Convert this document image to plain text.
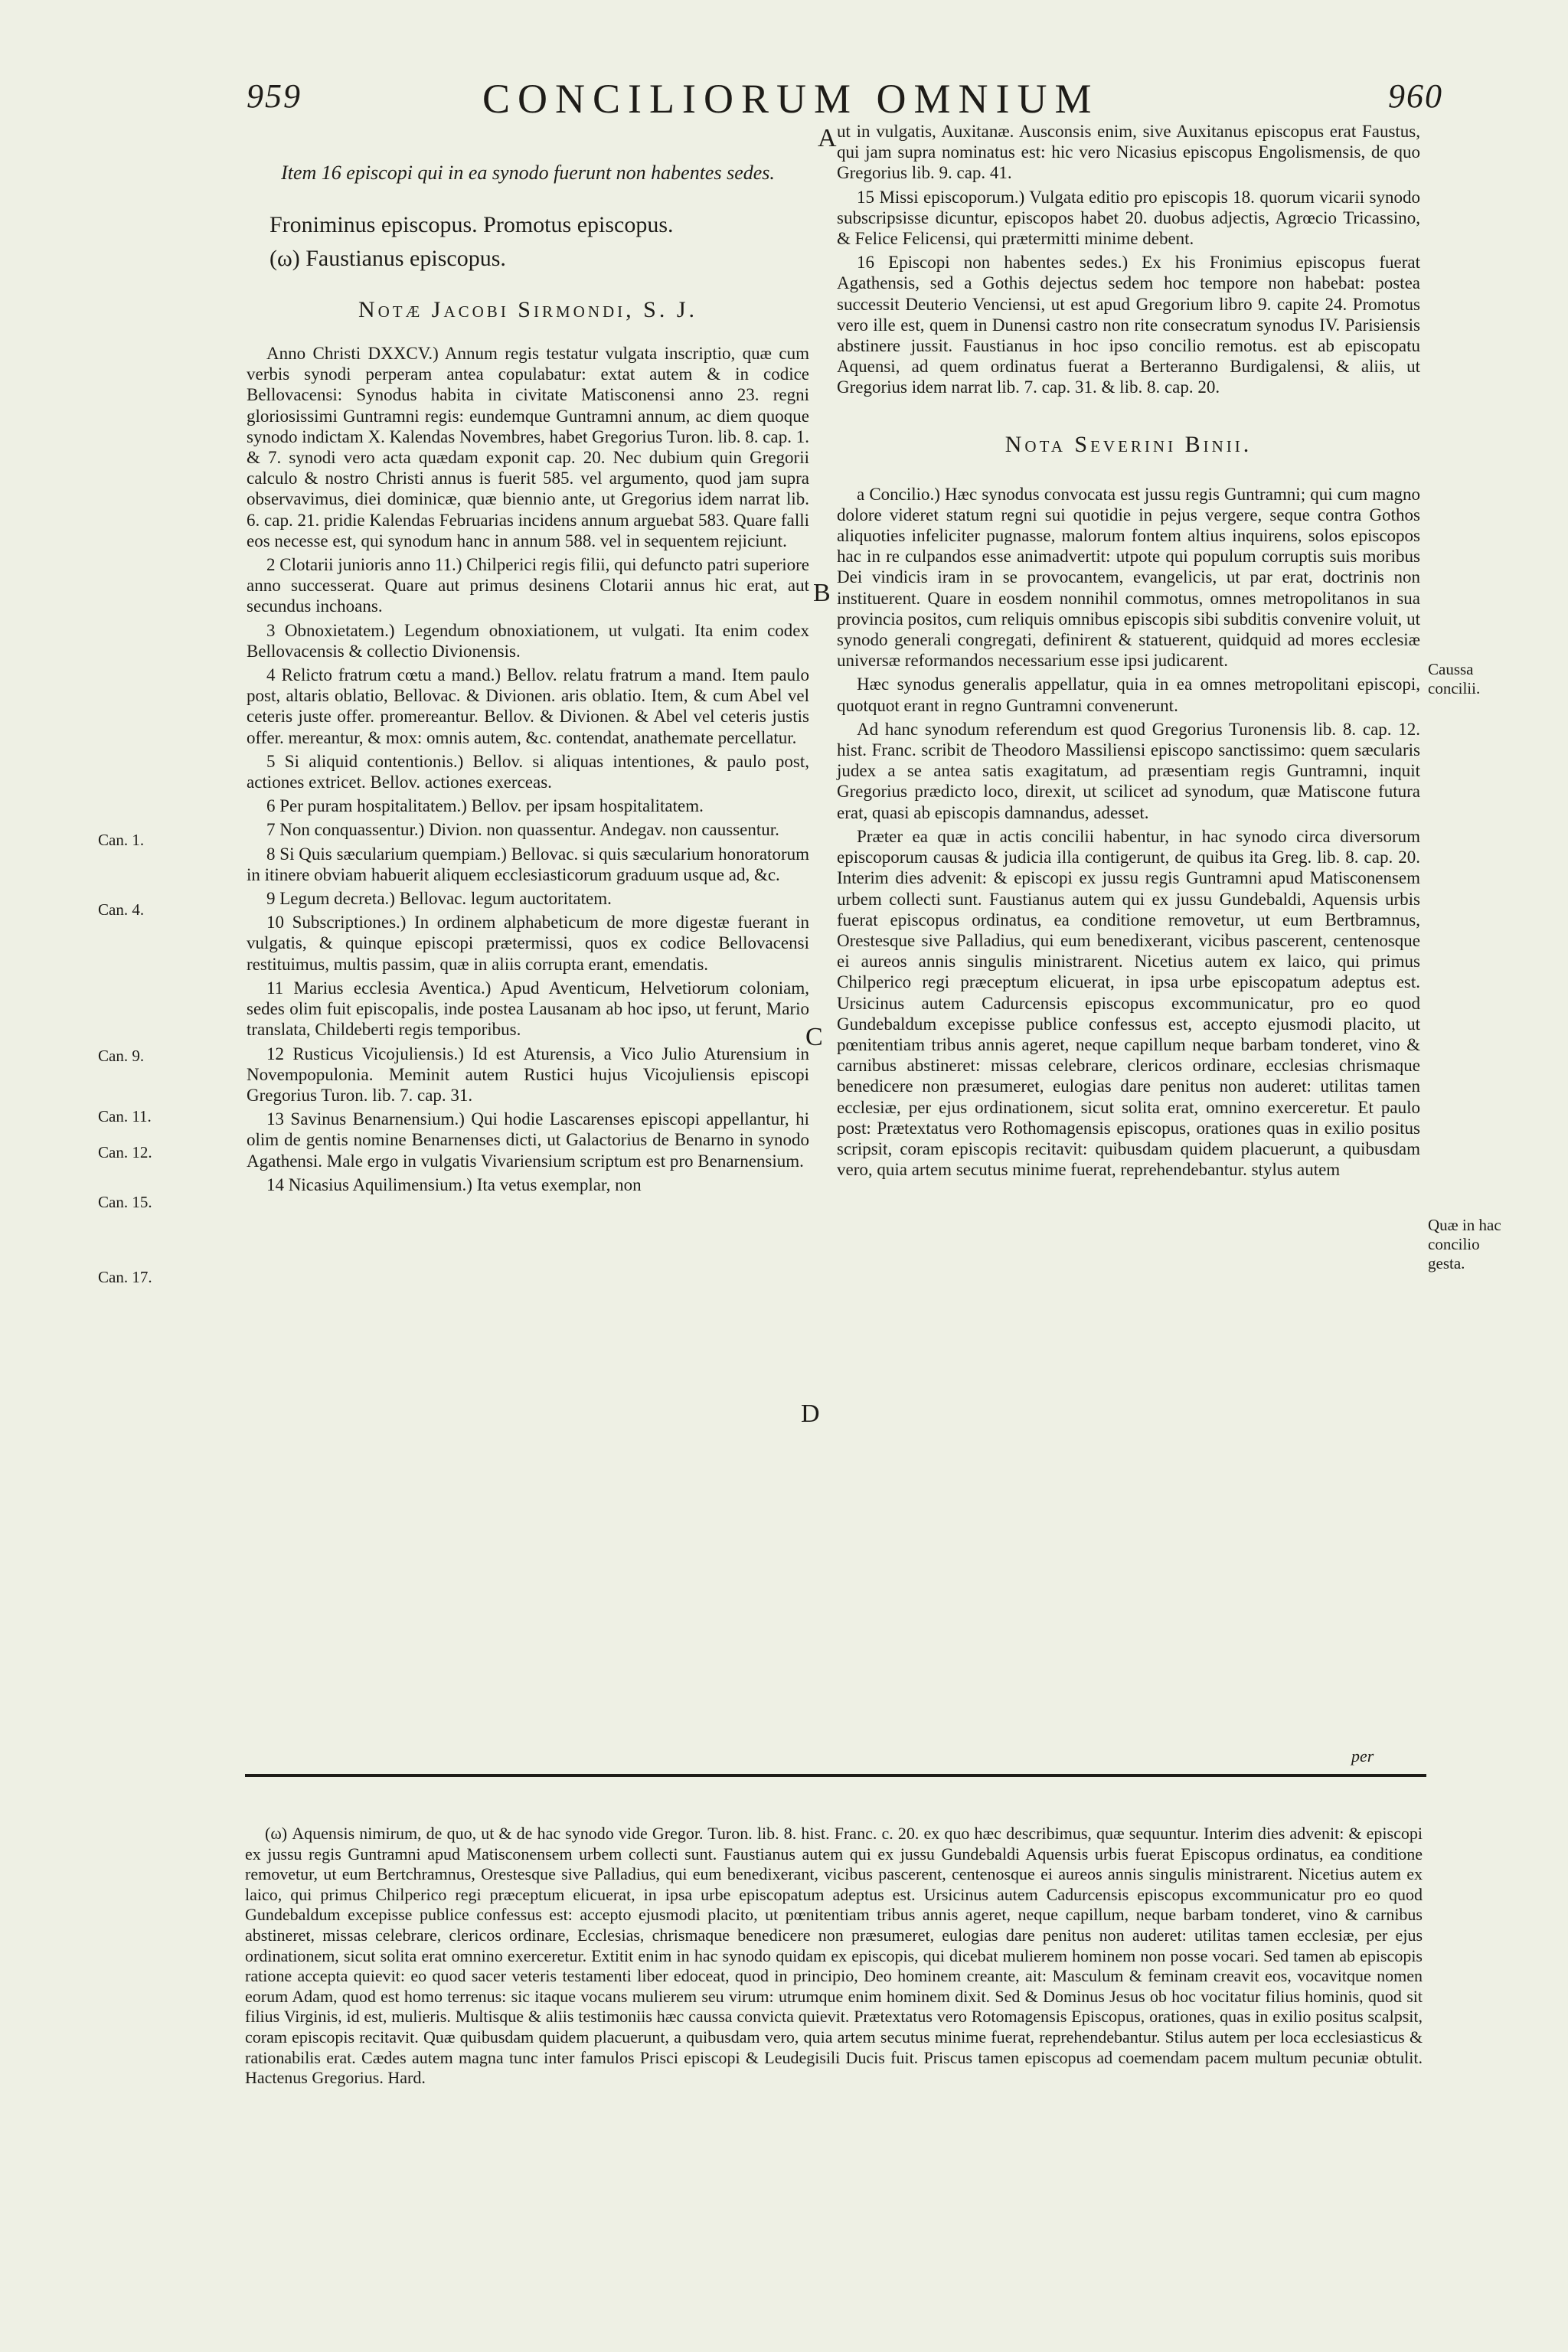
959	CONCILIORUM OMNIUM	960
Item 16 episcopi qui in ea synodo fuerunt non habentes sedes.
Froniminus episcopus. Promotus episcopus.
(ω) Faustianus episcopus.
Notæ Jacobi Sirmondi, S. J.

Anno Christi DXXCV.) Annum regis testatur vulgata inscriptio, quæ cum verbis synodi perperam antea copulabatur: extat autem & in codice Bellovacensi: Synodus habita in civitate Matisconensi anno 23. regni gloriosissimi Guntramni regis: eundemque Guntramni annum, ac diem quoque synodo indictam X. Kalendas Novembres, habet Gregorius Turon. lib. 8. cap. 1. & 7. synodi vero acta quædam exponit cap. 20. Nec dubium quin Gregorii calculo & nostro Christi annus is fuerit 585. vel argumento, quod jam supra observavimus, diei dominicæ, quæ biennio ante, ut Gregorius idem narrat lib. 6. cap. 21. pridie Kalendas Februarias incidens annum arguebat 583. Quare falli eos necesse est, qui synodum hanc in annum 588. vel in sequentem rejiciunt.

2 Clotarii junioris anno 11.) Chilperici regis filii, qui defuncto patri superiore anno successerat. Quare aut primus desinens Clotarii annus hic erat, aut secundus inchoans.

3 Obnoxietatem.) Legendum obnoxiationem, ut vulgati. Ita enim codex Bellovacensis & collectio Divionensis.

4 Relicto fratrum cœtu a mand.) Bellov. relatu fratrum a mand. Item paulo post, altaris oblatio, Bellovac. & Divionen. aris oblatio. Item, & cum Abel vel ceteris juste offer. promereantur. Bellov. & Divionen. & Abel vel ceteris justis offer. mereantur, & mox: omnis autem, &c. contendat, anathemate percellatur.

5 Si aliquid contentionis.) Bellov. si aliquas intentiones, & paulo post, actiones extricet. Bellov. actiones exerceas.

6 Per puram hospitalitatem.) Bellov. per ipsam hospitalitatem.

7 Non conquassentur.) Divion. non quassentur. Andegav. non caussentur.

8 Si Quis sæcularium quempiam.) Bellovac. si quis sæcularium honoratorum in itinere obviam habuerit aliquem ecclesiasticorum graduum usque ad, &c.

9 Legum decreta.) Bellovac. legum auctoritatem.

10 Subscriptiones.) In ordinem alphabeticum de more digestæ fuerant in vulgatis, & quinque episcopi prætermissi, quos ex codice Bellovacensi restituimus, multis passim, quæ in aliis corrupta erant, emendatis.

11 Marius ecclesia Aventica.) Apud Aventicum, Helvetiorum coloniam, sedes olim fuit episcopalis, inde postea Lausanam ab hoc ipso, ut ferunt, Mario translata, Childeberti regis temporibus.

12 Rusticus Vicojuliensis.) Id est Aturensis, a Vico Julio Aturensium in Novempopulonia. Meminit autem Rustici hujus Vicojuliensis episcopi Gregorius Turon. lib. 7. cap. 31.

13 Savinus Benarnensium.) Qui hodie Lascarenses episcopi appellantur, hi olim de gentis nomine Benarnenses dicti, ut Galactorius de Benarno in synodo Agathensi. Male ergo in vulgatis Vivariensium scriptum est pro Benarnensium.

14 Nicasius Aquilimensium.) Ita vetus exemplar, non

Can. 1.
Can. 4.
Can. 9.
Can. 11.
Can. 12.
Can. 15.
Can. 17.
A
B
C
D

ut in vulgatis, Auxitanæ. Ausconsis enim, sive Auxitanus episcopus erat Faustus, qui jam supra nominatus est: hic vero Nicasius episcopus Engolismensis, de quo Gregorius lib. 9. cap. 41.

15 Missi episcoporum.) Vulgata editio pro episcopis 18. quorum vicarii synodo subscripsisse dicuntur, episcopos habet 20. duobus adjectis, Agrœcio Tricassino, & Felice Felicensi, qui prætermitti minime debent.

16 Episcopi non habentes sedes.) Ex his Fronimius episcopus fuerat Agathensis, sed a Gothis dejectus sedem hoc tempore non habebat: postea successit Deuterio Venciensi, ut est apud Gregorium libro 9. capite 24. Promotus vero ille est, quem in Dunensi castro non rite consecratum synodus IV. Parisiensis abstinere jussit. Faustianus in hoc ipso concilio remotus. est ab episcopatu Aquensi, ad quem ordinatus fuerat a Berteranno Burdigalensi, & aliis, ut Gregorius idem narrat lib. 7. cap. 31. & lib. 8. cap. 20.

Nota Severini Binii.

a Concilio.) Hæc synodus convocata est jussu regis Guntramni; qui cum magno dolore videret statum regni sui quotidie in pejus vergere, seque contra Gothos aliquoties infeliciter pugnasse, malorum fontem altius inquirens, solos episcopos hac in re culpandos esse animadvertit: utpote qui populum corruptis suis moribus Dei vindicis iram in se provocantem, evangelicis, ut par erat, doctrinis non instituerent. Quare in eosdem nonnihil commotus, omnes metropolitanos in sua provincia positos, cum reliquis omnibus episcopis sibi subditis convenire voluit, ut synodo generali congregati, definirent & statuerent, quidquid ad mores ecclesiæ universæ reformandos necessarium esse ipsi judicarent.

Hæc synodus generalis appellatur, quia in ea omnes metropolitani episcopi, quotquot erant in regno Guntramni convenerunt.

Ad hanc synodum referendum est quod Gregorius Turonensis lib. 8. cap. 12. hist. Franc. scribit de Theodoro Massiliensi episcopo sanctissimo: quem sæcularis judex a se antea satis exagitatum, ad præsentiam regis Guntramni, inquit Gregorius prædicto loco, direxit, ut scilicet ad synodum, quæ Matiscone futura erat, quasi ab episcopis damnandus, adesset.

Præter ea quæ in actis concilii habentur, in hac synodo circa diversorum episcoporum causas & judicia illa contigerunt, de quibus ita Greg. lib. 8. cap. 20. Interim dies advenit: & episcopi ex jussu regis Guntramni apud Matisconensem urbem collecti sunt. Faustianus autem qui ex jussu Gundebaldi, Aquensis urbis fuerat episcopus ordinatus, ea conditione removetur, ut eum Bertbramnus, Orestesque sive Palladius, qui eum benedixerant, vicibus pascerent, centenosque ei aureos annis singulis ministrarent. Nicetius autem ex laico, qui primus Chilperico regi præceptum elicuerat, in ipsa urbe episcopatum adeptus est. Ursicinus autem Cadurcensis episcopus excommunicatur, pro eo quod Gundebaldum excepisse publice confessus est, accepto ejusmodi placito, ut pœnitentiam tribus annis ageret, neque capillum neque barbam tonderet, vino & carnibus abstineret: missas celebrare, clericos ordinare, ecclesias chrismaque benedicere non præsumeret, eulogias dare penitus non auderet: utilitas tamen ecclesiæ, per ejus ordinationem, sicut solita erat, omnino exerceretur. Et paulo post: Prætextatus vero Rothomagensis episcopus, orationes quas in exilio positus scripsit, coram episcopis recitavit: quibusdam quidem placuerunt, a quibusdam vero, quia artem secutus minime fuerat, reprehendebantur. stylus autem

per
Caussa concilii.
Quæ in hac concilio gesta.

(ω) Aquensis nimirum, de quo, ut & de hac synodo vide Gregor. Turon. lib. 8. hist. Franc. c. 20. ex quo hæc describimus, quæ sequuntur. Interim dies advenit: & episcopi ex jussu regis Guntramni apud Matisconensem urbem collecti sunt. Faustianus autem qui ex jussu Gundebaldi Aquensis urbis fuerat Episcopus ordinatus, ea conditione removetur, ut eum Bertchramnus, Orestesque sive Palladius, qui eum benedixerant, vicibus pascerent, centenosque ei aureos annis singulis ministrarent. Nicetius autem ex laico, qui primus Chilperico regi præceptum elicuerat, in ipsa urbe episcopatum adeptus est. Ursicinus autem Cadurcensis episcopus excommunicatur pro eo quod Gundebaldum excepisse publice confessus est: accepto ejusmodi placito, ut pœnitentiam tribus annis ageret, neque capillum, neque barbam tonderet, vino & carnibus abstineret, missas celebrare, clericos ordinare, Ecclesias, chrismaque benedicere non præsumeret, eulogias dare penitus non auderet: utilitas tamen ecclesiæ, per ejus ordinationem, sicut solita erat omnino exerceretur. Extitit enim in hac synodo quidam ex episcopis, qui dicebat mulierem hominem non posse vocari. Sed tamen ab episcopis ratione accepta quievit: eo quod sacer veteris testamenti liber edoceat, quod in principio, Deo hominem creante, ait: Masculum & feminam creavit eos, vocavitque nomen eorum Adam, quod est homo terrenus: sic itaque vocans mulierem seu virum: utrumque enim hominem dixit. Sed & Dominus Jesus ob hoc vocitatur filius hominis, quod sit filius Virginis, id est, mulieris. Multisque & aliis testimoniis hæc caussa convicta quievit. Prætextatus vero Rotomagensis Episcopus, orationes, quas in exilio positus scalpsit, coram episcopis recitavit. Quæ quibusdam quidem placuerunt, a quibusdam vero, quia artem secutus minime fuerat, reprehendebantur. Stilus autem per loca ecclesiasticus & rationabilis erat. Cædes autem magna tunc inter famulos Prisci episcopi & Leudegisili Ducis fuit. Priscus tamen episcopus ad coemendam pacem multum pecuniæ obtulit. Hactenus Gregorius. Hard.
